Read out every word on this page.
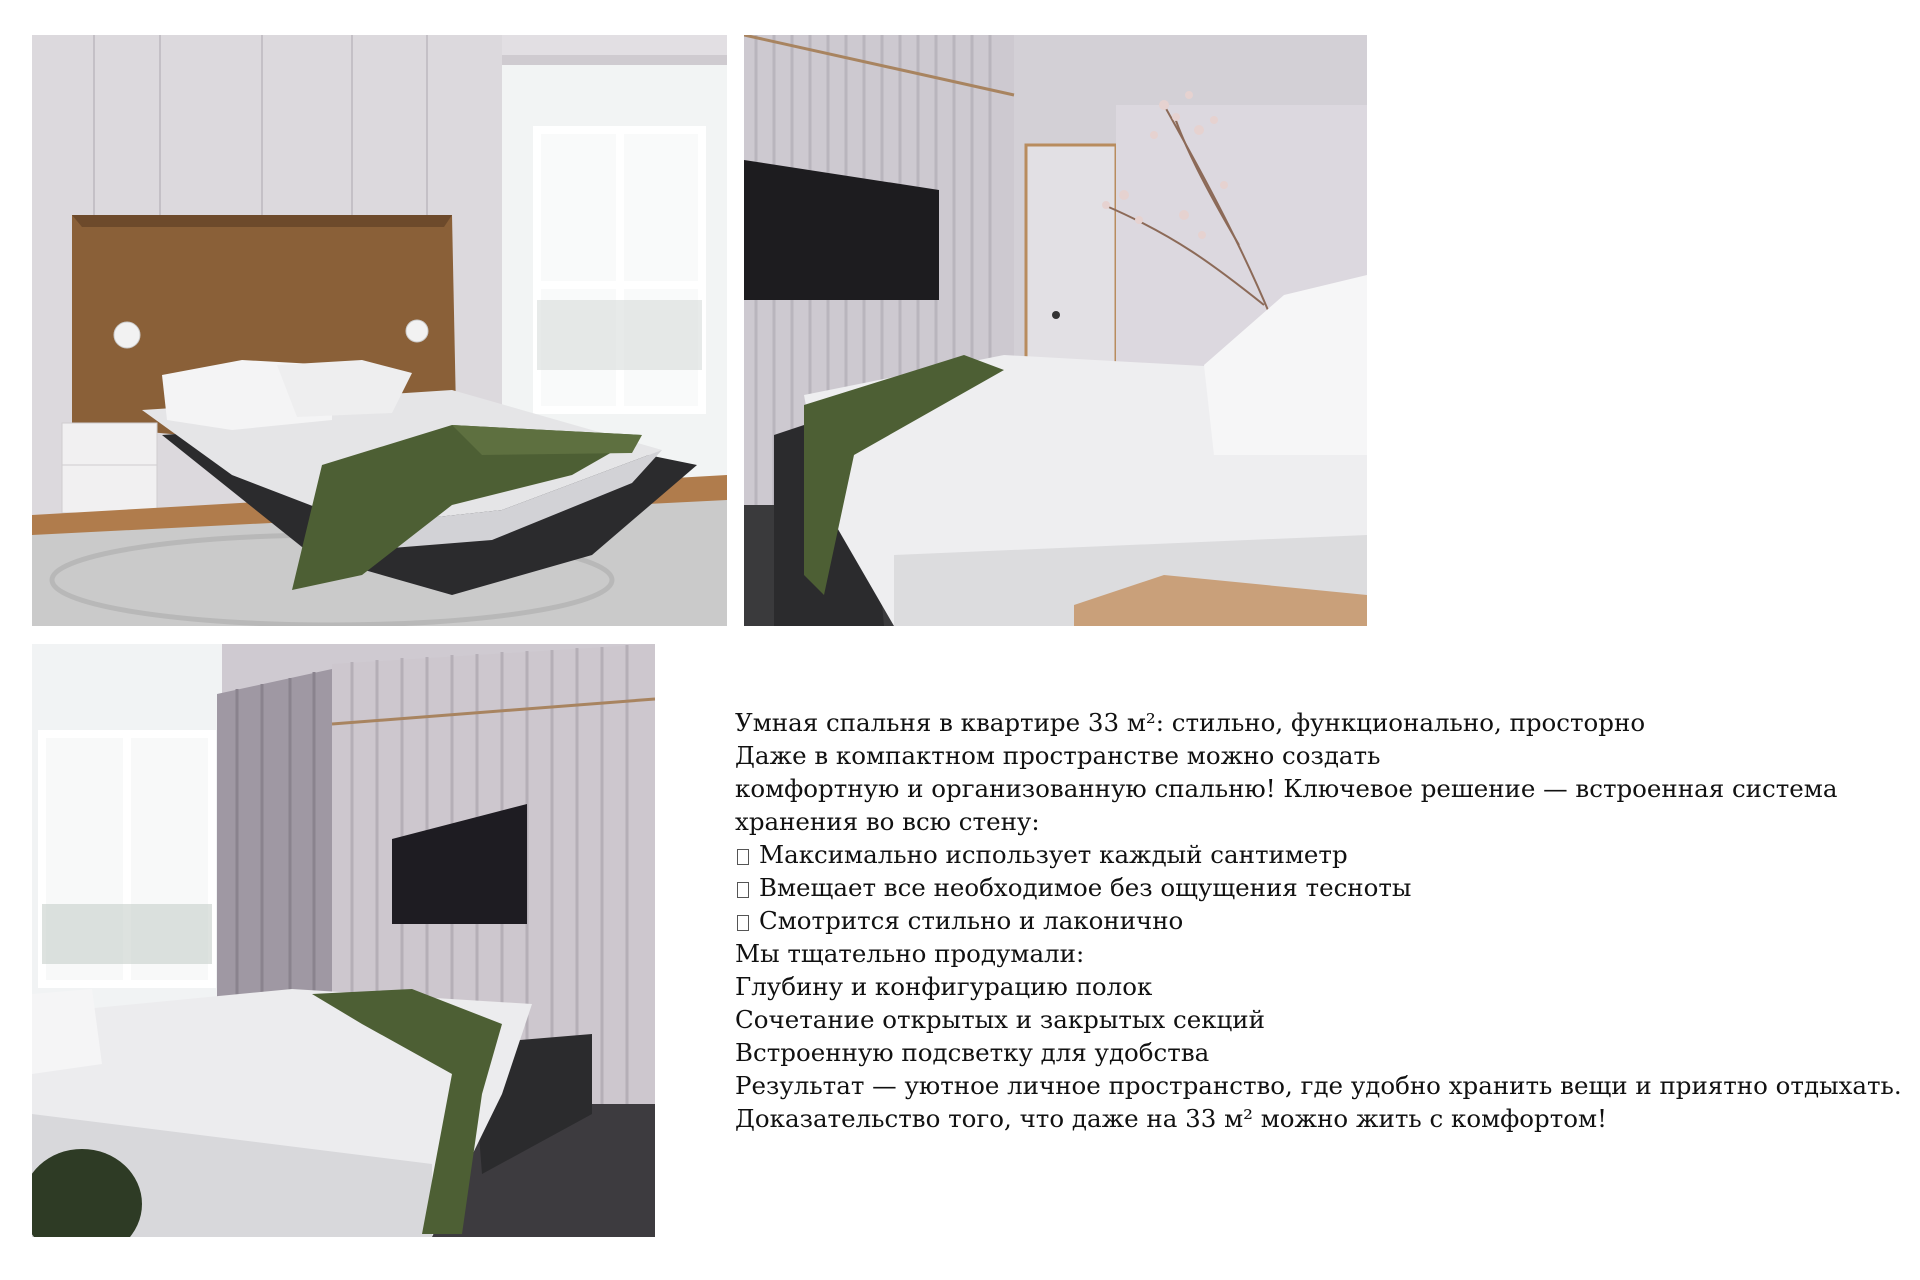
Умная спальня в квартире 33 м²: стильно, функционально, просторно
Даже в компактном пространстве можно создать
комфортную и организованную спальню! Ключевое решение — встроенная система
хранения во всю стену:
Максимально использует каждый сантиметр
Вмещает все необходимое без ощущения тесноты
Смотрится стильно и лаконично
Мы тщательно продумали:
Глубину и конфигурацию полок
Сочетание открытых и закрытых секций
Встроенную подсветку для удобства
Результат — уютное личное пространство, где удобно хранить вещи и приятно отдыхать.
Доказательство того, что даже на 33 м² можно жить с комфортом!
